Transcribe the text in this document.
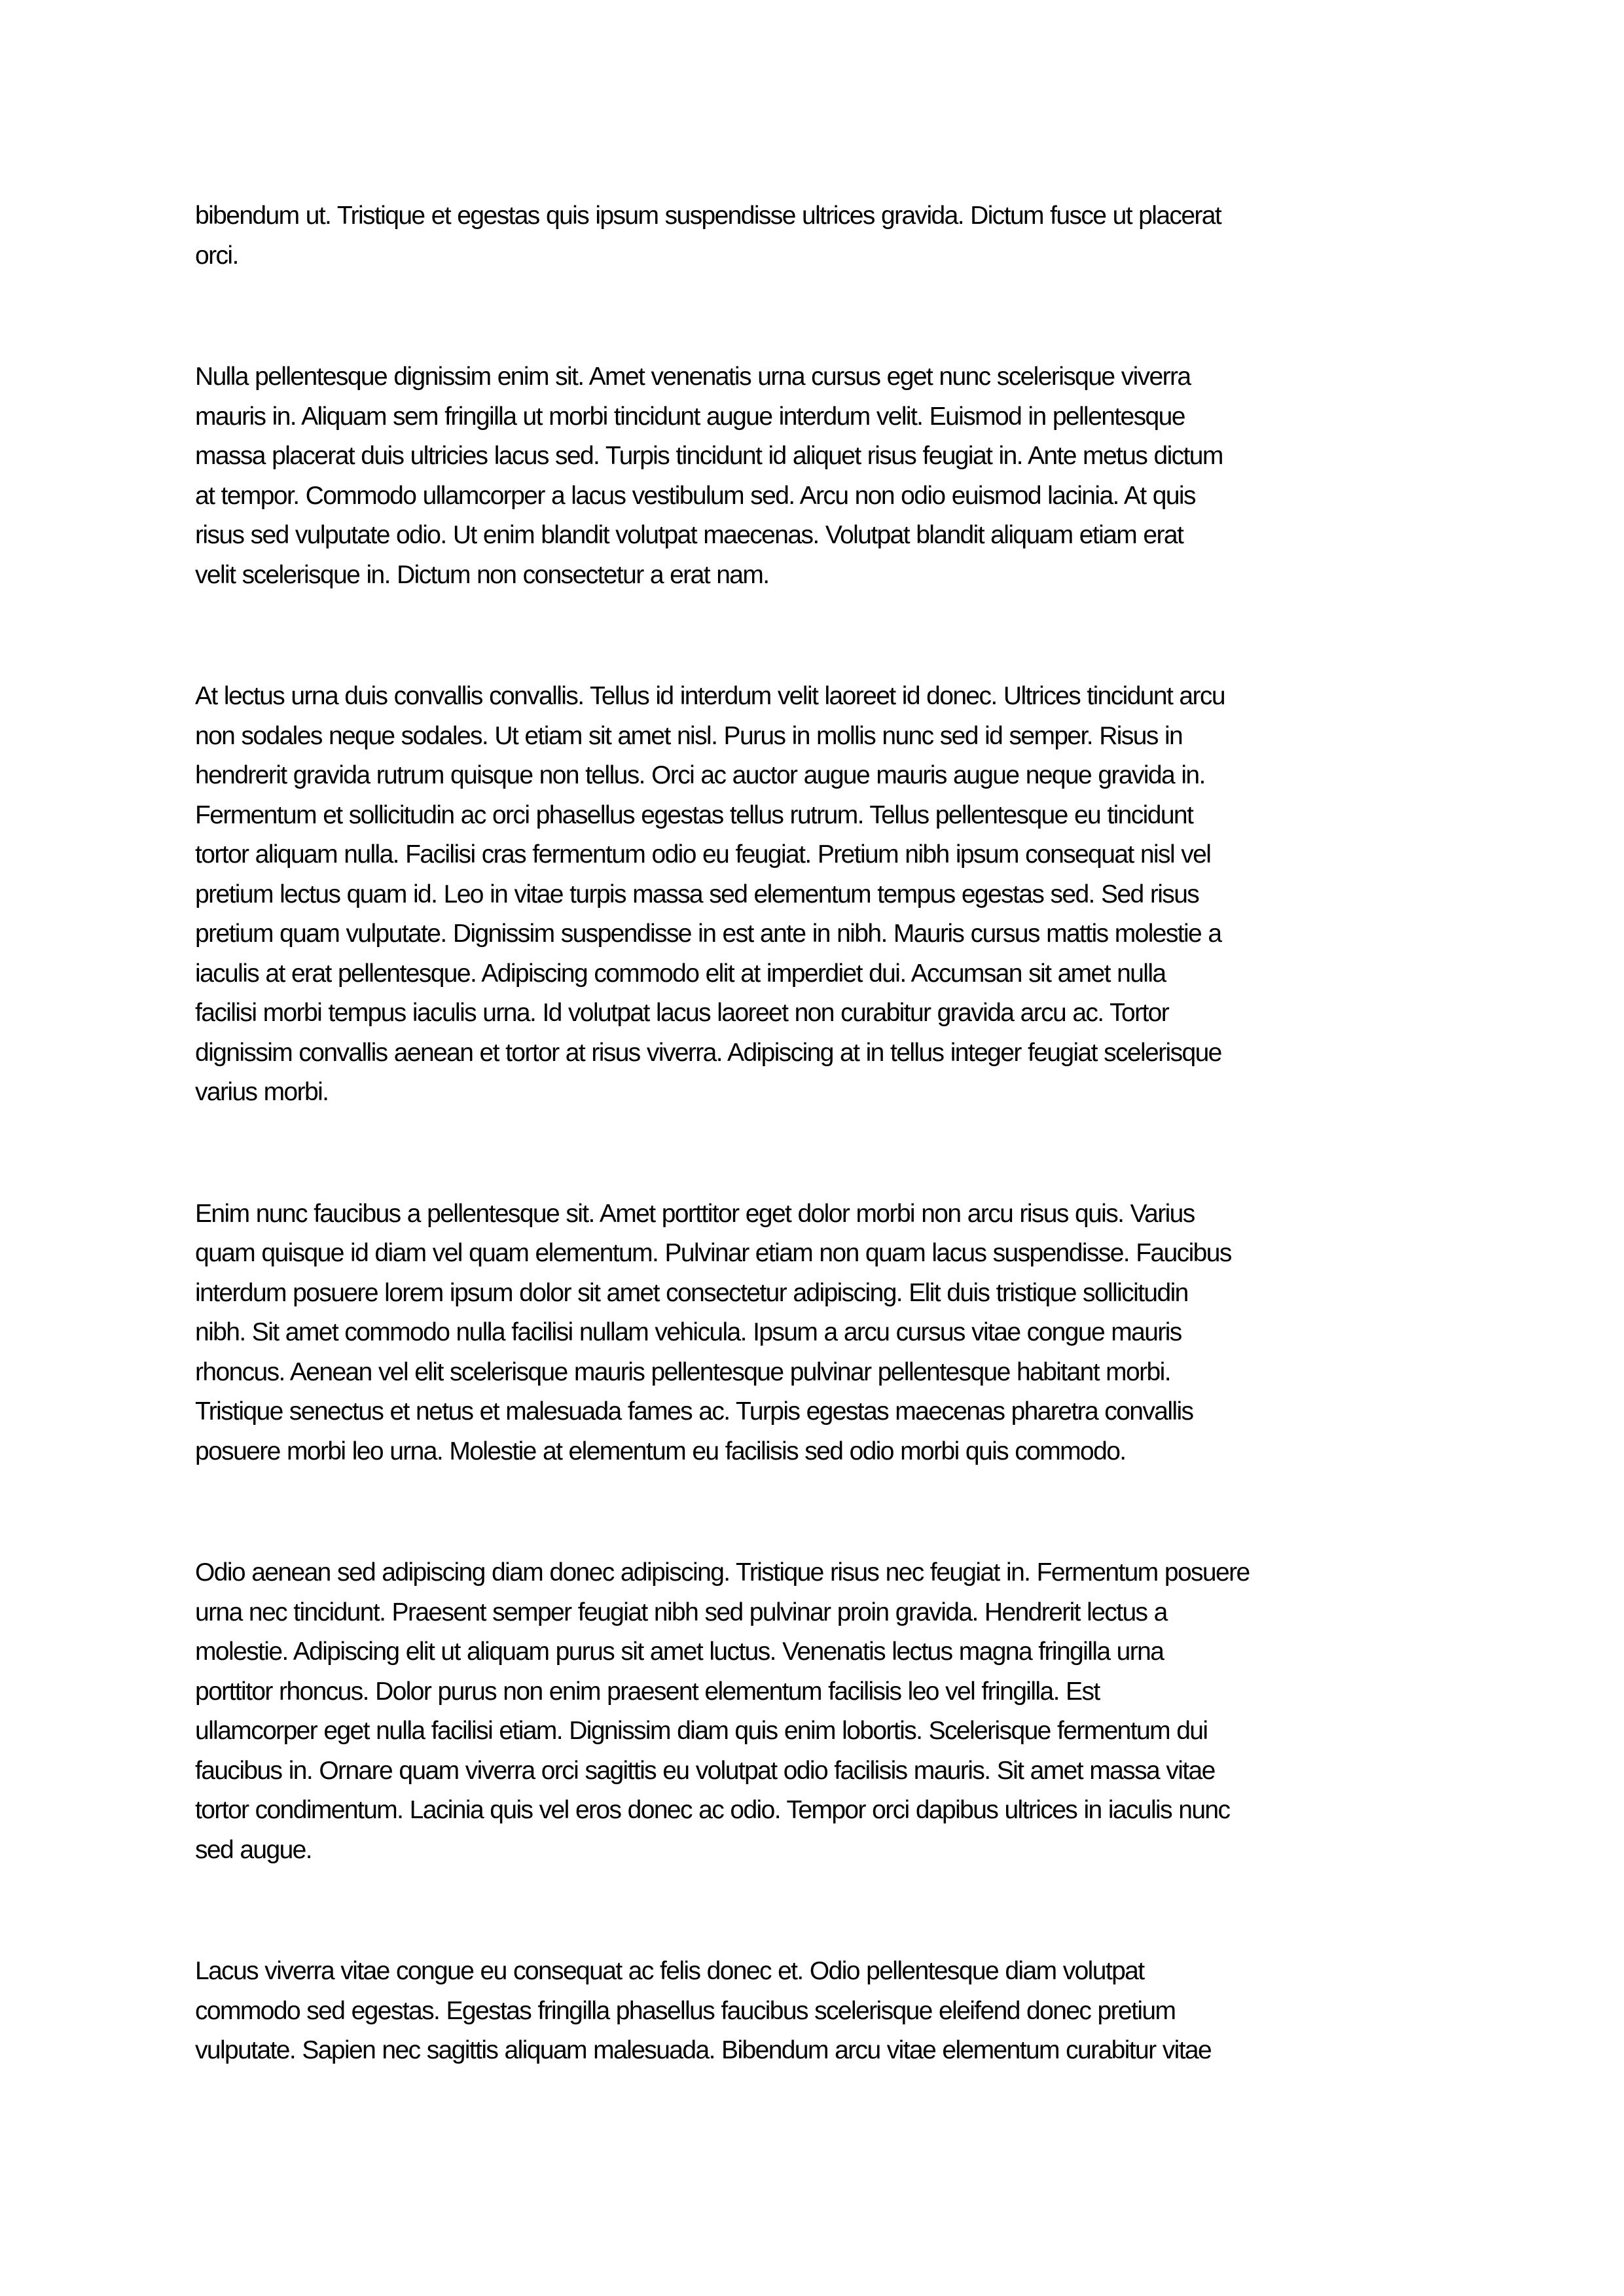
bibendum ut. Tristique et egestas quis ipsum suspendisse ultrices gravida. Dictum fusce ut placerat
orci.
Nulla pellentesque dignissim enim sit. Amet venenatis urna cursus eget nunc scelerisque viverra
mauris in. Aliquam sem fringilla ut morbi tincidunt augue interdum velit. Euismod in pellentesque
massa placerat duis ultricies lacus sed. Turpis tincidunt id aliquet risus feugiat in. Ante metus dictum
at tempor. Commodo ullamcorper a lacus vestibulum sed. Arcu non odio euismod lacinia. At quis
risus sed vulputate odio. Ut enim blandit volutpat maecenas. Volutpat blandit aliquam etiam erat
velit scelerisque in. Dictum non consectetur a erat nam.
At lectus urna duis convallis convallis. Tellus id interdum velit laoreet id donec. Ultrices tincidunt arcu
non sodales neque sodales. Ut etiam sit amet nisl. Purus in mollis nunc sed id semper. Risus in
hendrerit gravida rutrum quisque non tellus. Orci ac auctor augue mauris augue neque gravida in.
Fermentum et sollicitudin ac orci phasellus egestas tellus rutrum. Tellus pellentesque eu tincidunt
tortor aliquam nulla. Facilisi cras fermentum odio eu feugiat. Pretium nibh ipsum consequat nisl vel
pretium lectus quam id. Leo in vitae turpis massa sed elementum tempus egestas sed. Sed risus
pretium quam vulputate. Dignissim suspendisse in est ante in nibh. Mauris cursus mattis molestie a
iaculis at erat pellentesque. Adipiscing commodo elit at imperdiet dui. Accumsan sit amet nulla
facilisi morbi tempus iaculis urna. Id volutpat lacus laoreet non curabitur gravida arcu ac. Tortor
dignissim convallis aenean et tortor at risus viverra. Adipiscing at in tellus integer feugiat scelerisque
varius morbi.
Enim nunc faucibus a pellentesque sit. Amet porttitor eget dolor morbi non arcu risus quis. Varius
quam quisque id diam vel quam elementum. Pulvinar etiam non quam lacus suspendisse. Faucibus
interdum posuere lorem ipsum dolor sit amet consectetur adipiscing. Elit duis tristique sollicitudin
nibh. Sit amet commodo nulla facilisi nullam vehicula. Ipsum a arcu cursus vitae congue mauris
rhoncus. Aenean vel elit scelerisque mauris pellentesque pulvinar pellentesque habitant morbi.
Tristique senectus et netus et malesuada fames ac. Turpis egestas maecenas pharetra convallis
posuere morbi leo urna. Molestie at elementum eu facilisis sed odio morbi quis commodo.
Odio aenean sed adipiscing diam donec adipiscing. Tristique risus nec feugiat in. Fermentum posuere
urna nec tincidunt. Praesent semper feugiat nibh sed pulvinar proin gravida. Hendrerit lectus a
molestie. Adipiscing elit ut aliquam purus sit amet luctus. Venenatis lectus magna fringilla urna
porttitor rhoncus. Dolor purus non enim praesent elementum facilisis leo vel fringilla. Est
ullamcorper eget nulla facilisi etiam. Dignissim diam quis enim lobortis. Scelerisque fermentum dui
faucibus in. Ornare quam viverra orci sagittis eu volutpat odio facilisis mauris. Sit amet massa vitae
tortor condimentum. Lacinia quis vel eros donec ac odio. Tempor orci dapibus ultrices in iaculis nunc
sed augue.
Lacus viverra vitae congue eu consequat ac felis donec et. Odio pellentesque diam volutpat
commodo sed egestas. Egestas fringilla phasellus faucibus scelerisque eleifend donec pretium
vulputate. Sapien nec sagittis aliquam malesuada. Bibendum arcu vitae elementum curabitur vitae
